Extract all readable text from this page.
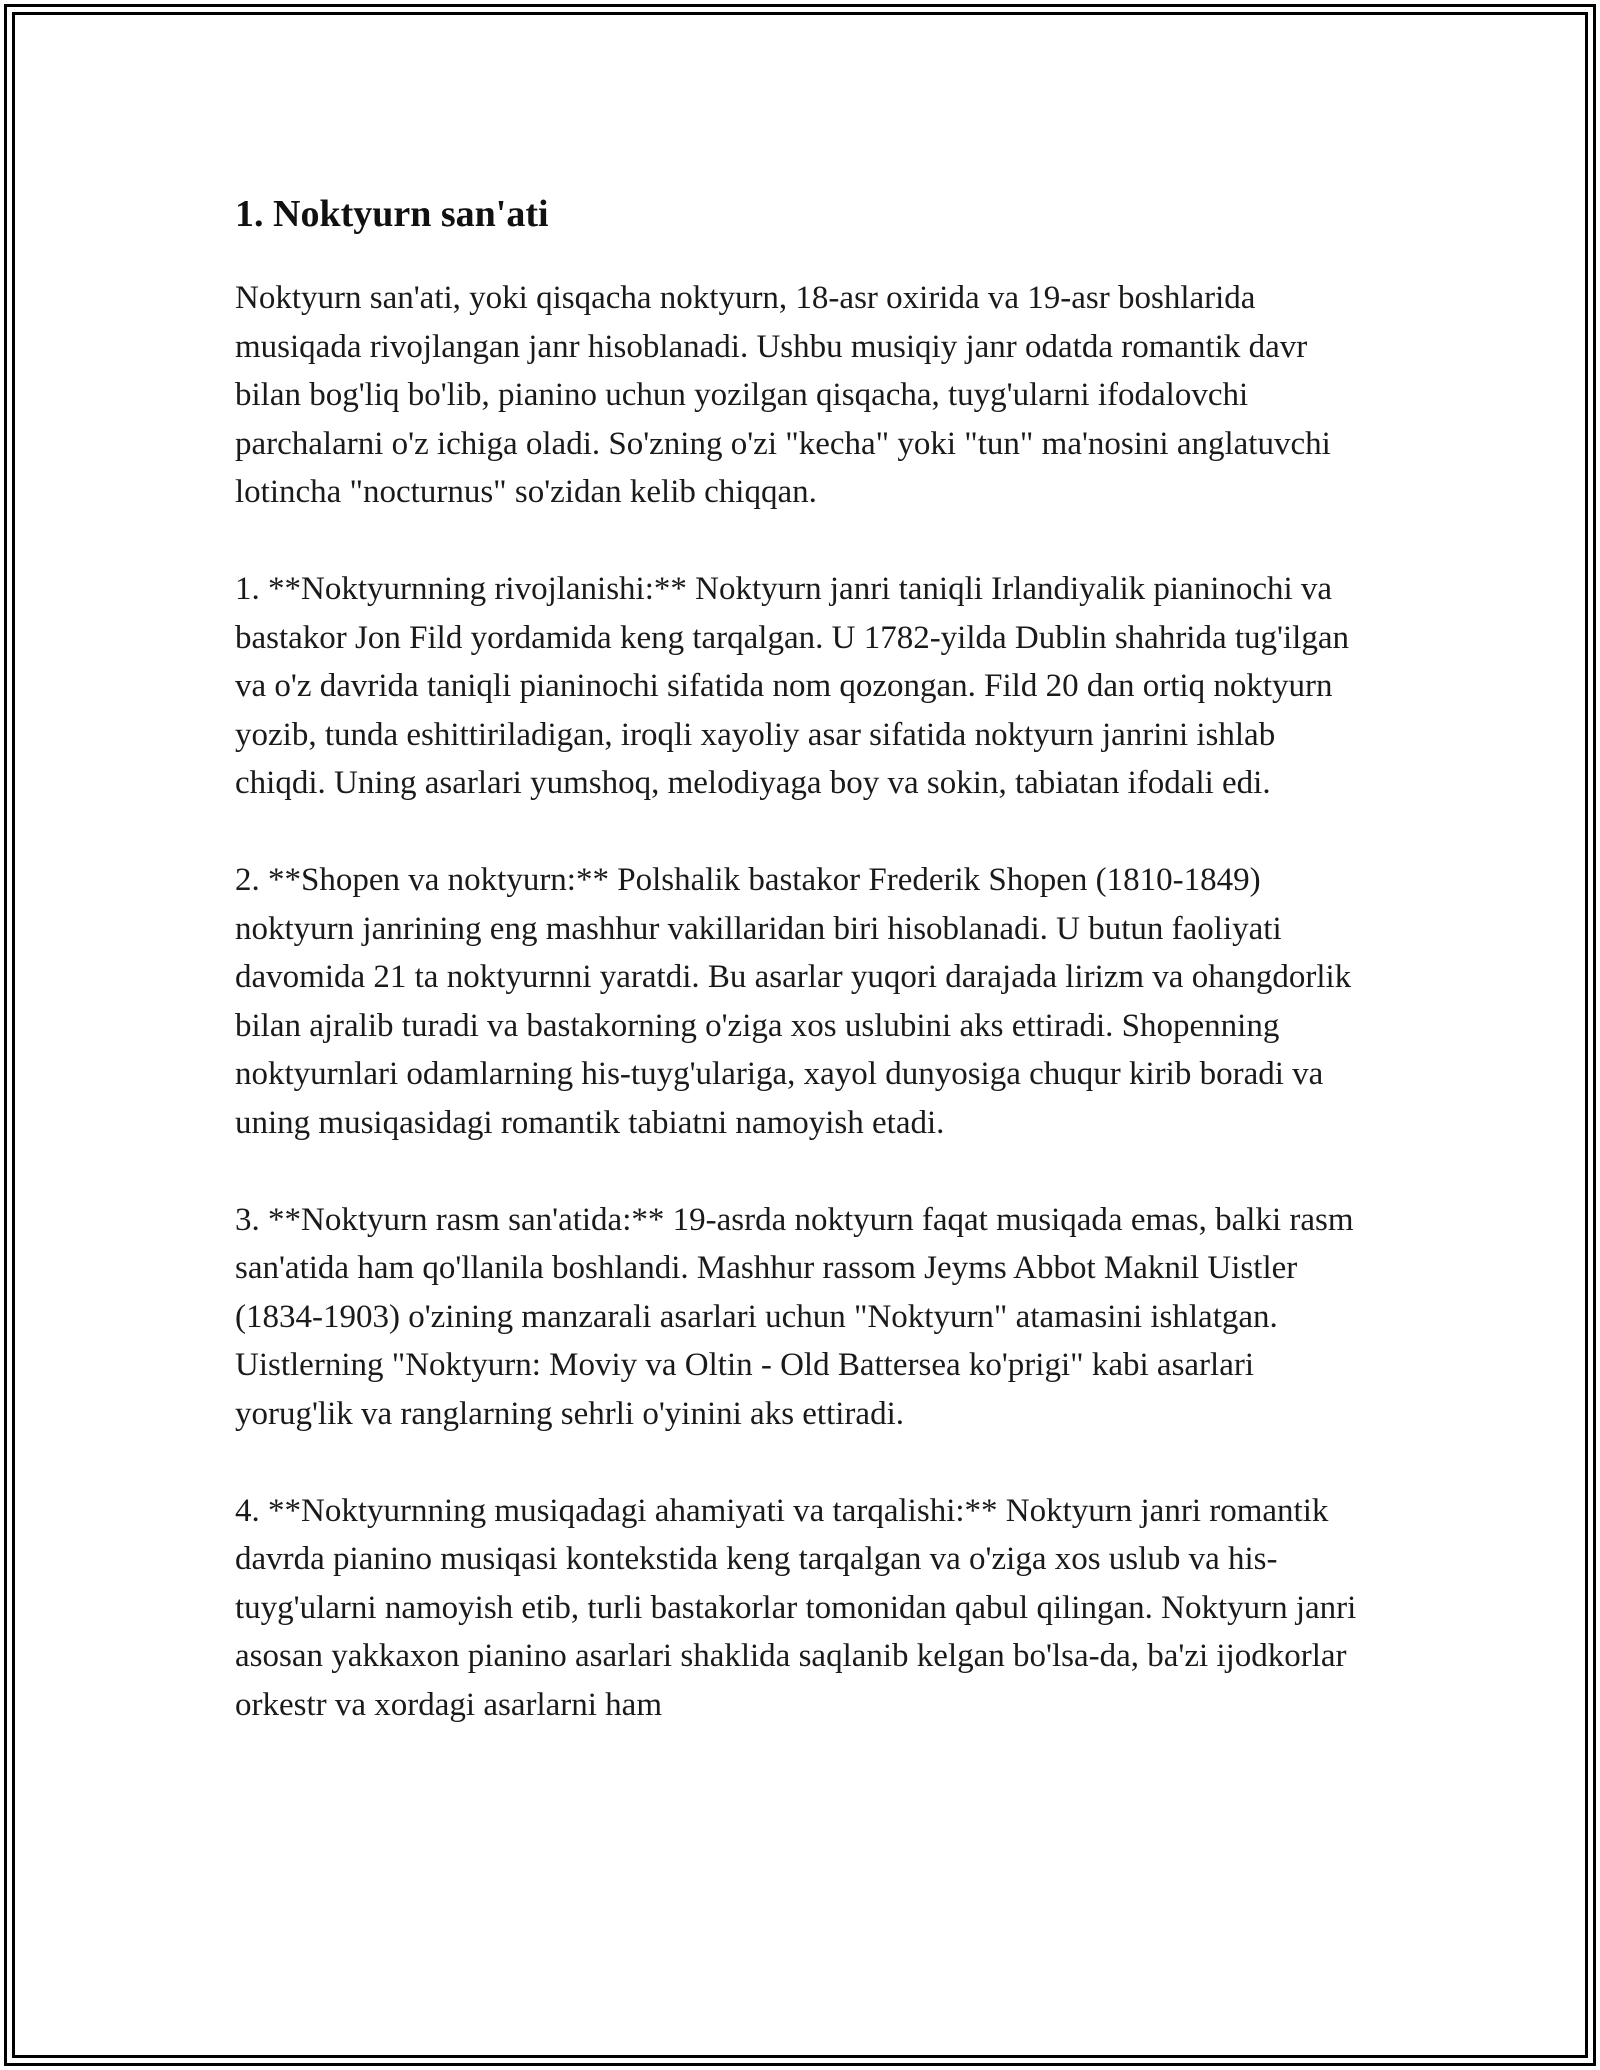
1. Noktyurn san'ati

Noktyurn san'ati, yoki qisqacha noktyurn, 18-asr oxirida va 19-asr boshlarida musiqada rivojlangan janr hisoblanadi. Ushbu musiqiy janr odatda romantik davr bilan bog'liq bo'lib, pianino uchun yozilgan qisqacha, tuyg'ularni ifodalovchi parchalarni o'z ichiga oladi. So'zning o'zi "kecha" yoki "tun" ma'nosini anglatuvchi lotincha "nocturnus" so'zidan kelib chiqqan.

1. **Noktyurnning rivojlanishi:** Noktyurn janri taniqli Irlandiyalik pianinochi va bastakor Jon Fild yordamida keng tarqalgan. U 1782-yilda Dublin shahrida tug'ilgan va o'z davrida taniqli pianinochi sifatida nom qozongan. Fild 20 dan ortiq noktyurn yozib, tunda eshittiriladigan, iroqli xayoliy asar sifatida noktyurn janrini ishlab chiqdi. Uning asarlari yumshoq, melodiyaga boy va sokin, tabiatan ifodali edi.

2. **Shopen va noktyurn:** Polshalik bastakor Frederik Shopen (1810-1849) noktyurn janrining eng mashhur vakillaridan biri hisoblanadi. U butun faoliyati davomida 21 ta noktyurnni yaratdi. Bu asarlar yuqori darajada lirizm va ohangdorlik bilan ajralib turadi va bastakorning o'ziga xos uslubini aks ettiradi. Shopenning noktyurnlari odamlarning his-tuyg'ulariga, xayol dunyosiga chuqur kirib boradi va uning musiqasidagi romantik tabiatni namoyish etadi.

3. **Noktyurn rasm san'atida:** 19-asrda noktyurn faqat musiqada emas, balki rasm san'atida ham qo'llanila boshlandi. Mashhur rassom Jeyms Abbot Maknil Uistler (1834-1903) o'zining manzarali asarlari uchun "Noktyurn" atamasini ishlatgan. Uistlerning "Noktyurn: Moviy va Oltin - Old Battersea ko'prigi" kabi asarlari yorug'lik va ranglarning sehrli o'yinini aks ettiradi.

4. **Noktyurnning musiqadagi ahamiyati va tarqalishi:** Noktyurn janri romantik davrda pianino musiqasi kontekstida keng tarqalgan va o'ziga xos uslub va his-tuyg'ularni namoyish etib, turli bastakorlar tomonidan qabul qilingan. Noktyurn janri asosan yakkaxon pianino asarlari shaklida saqlanib kelgan bo'lsa-da, ba'zi ijodkorlar orkestr va xordagi asarlarni ham
